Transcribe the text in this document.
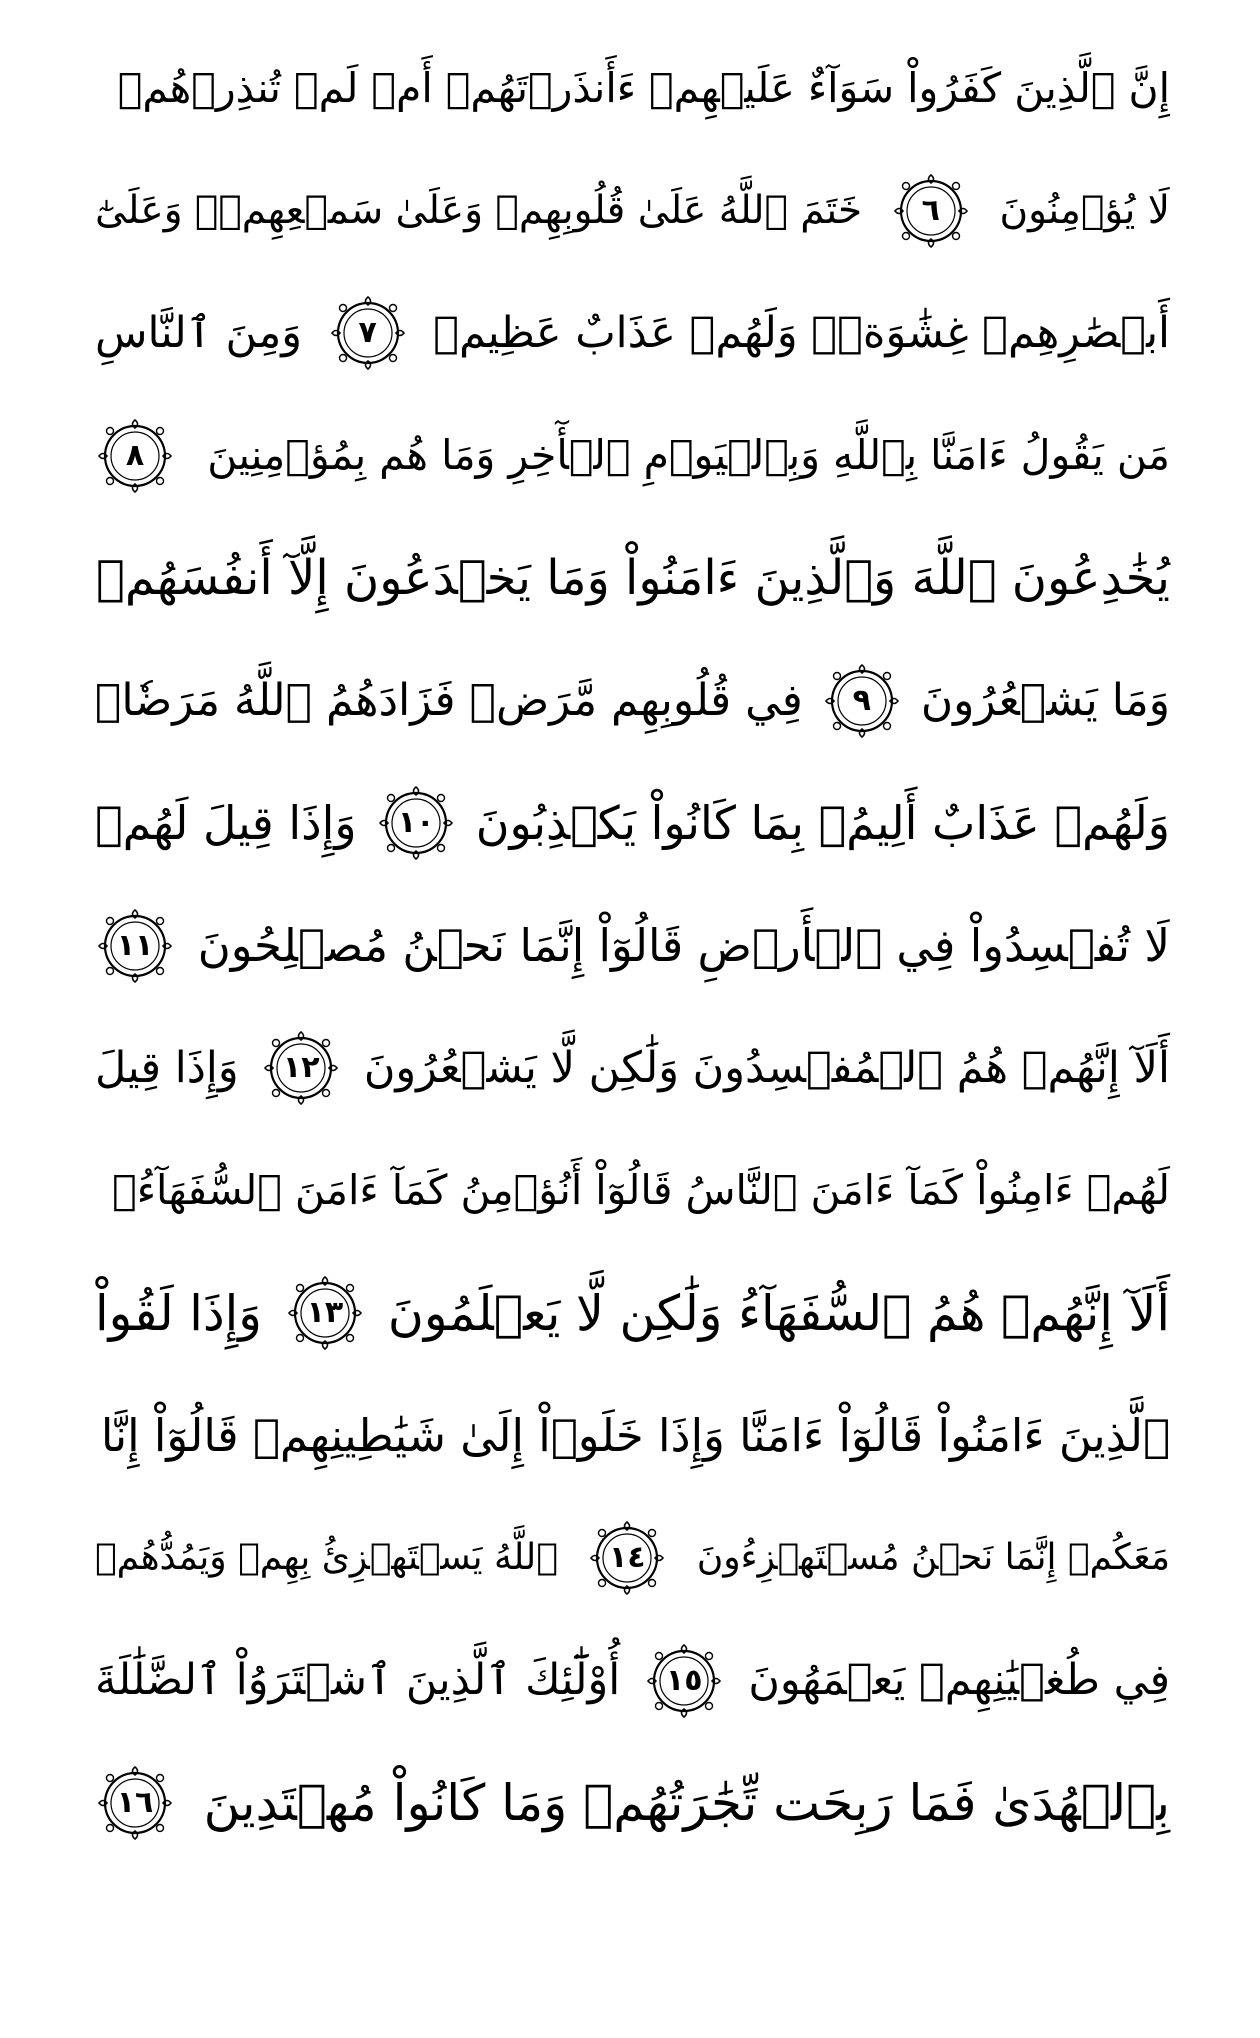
إِنَّ ٱلَّذِينَ كَفَرُواْ سَوَآءٌ عَلَيۡهِمۡ ءَأَنذَرۡتَهُمۡ أَمۡ لَمۡ تُنذِرۡهُمۡ
لَا يُؤۡمِنُونَ
٦
خَتَمَ ٱللَّهُ عَلَىٰ قُلُوبِهِمۡ وَعَلَىٰ سَمۡعِهِمۡۖ وَعَلَىٰٓ
أَبۡصَٰرِهِمۡ غِشَٰوَةٞۖ وَلَهُمۡ عَذَابٌ عَظِيمٞ
٧
وَمِنَ ٱلنَّاسِ
مَن يَقُولُ ءَامَنَّا بِٱللَّهِ وَبِٱلۡيَوۡمِ ٱلۡأٓخِرِ وَمَا هُم بِمُؤۡمِنِينَ
٨
يُخَٰدِعُونَ ٱللَّهَ وَٱلَّذِينَ ءَامَنُواْ وَمَا يَخۡدَعُونَ إِلَّآ أَنفُسَهُمۡ
وَمَا يَشۡعُرُونَ
٩
فِي قُلُوبِهِم مَّرَضٞ فَزَادَهُمُ ٱللَّهُ مَرَضٗاۖ
وَلَهُمۡ عَذَابٌ أَلِيمُۢ بِمَا كَانُواْ يَكۡذِبُونَ
١٠
وَإِذَا قِيلَ لَهُمۡ
لَا تُفۡسِدُواْ فِي ٱلۡأَرۡضِ قَالُوٓاْ إِنَّمَا نَحۡنُ مُصۡلِحُونَ
١١
أَلَآ إِنَّهُمۡ هُمُ ٱلۡمُفۡسِدُونَ وَلَٰكِن لَّا يَشۡعُرُونَ
١٢
وَإِذَا قِيلَ
لَهُمۡ ءَامِنُواْ كَمَآ ءَامَنَ ٱلنَّاسُ قَالُوٓاْ أَنُؤۡمِنُ كَمَآ ءَامَنَ ٱلسُّفَهَآءُۗ
أَلَآ إِنَّهُمۡ هُمُ ٱلسُّفَهَآءُ وَلَٰكِن لَّا يَعۡلَمُونَ
١٣
وَإِذَا لَقُواْ
ٱلَّذِينَ ءَامَنُواْ قَالُوٓاْ ءَامَنَّا وَإِذَا خَلَوۡاْ إِلَىٰ شَيَٰطِينِهِمۡ قَالُوٓاْ إِنَّا
مَعَكُمۡ إِنَّمَا نَحۡنُ مُسۡتَهۡزِءُونَ
١٤
ٱللَّهُ يَسۡتَهۡزِئُ بِهِمۡ وَيَمُدُّهُمۡ
فِي طُغۡيَٰنِهِمۡ يَعۡمَهُونَ
١٥
أُوْلَٰٓئِكَ ٱلَّذِينَ ٱشۡتَرَوُاْ ٱلضَّلَٰلَةَ
بِٱلۡهُدَىٰ فَمَا رَبِحَت تِّجَٰرَتُهُمۡ وَمَا كَانُواْ مُهۡتَدِينَ
١٦
